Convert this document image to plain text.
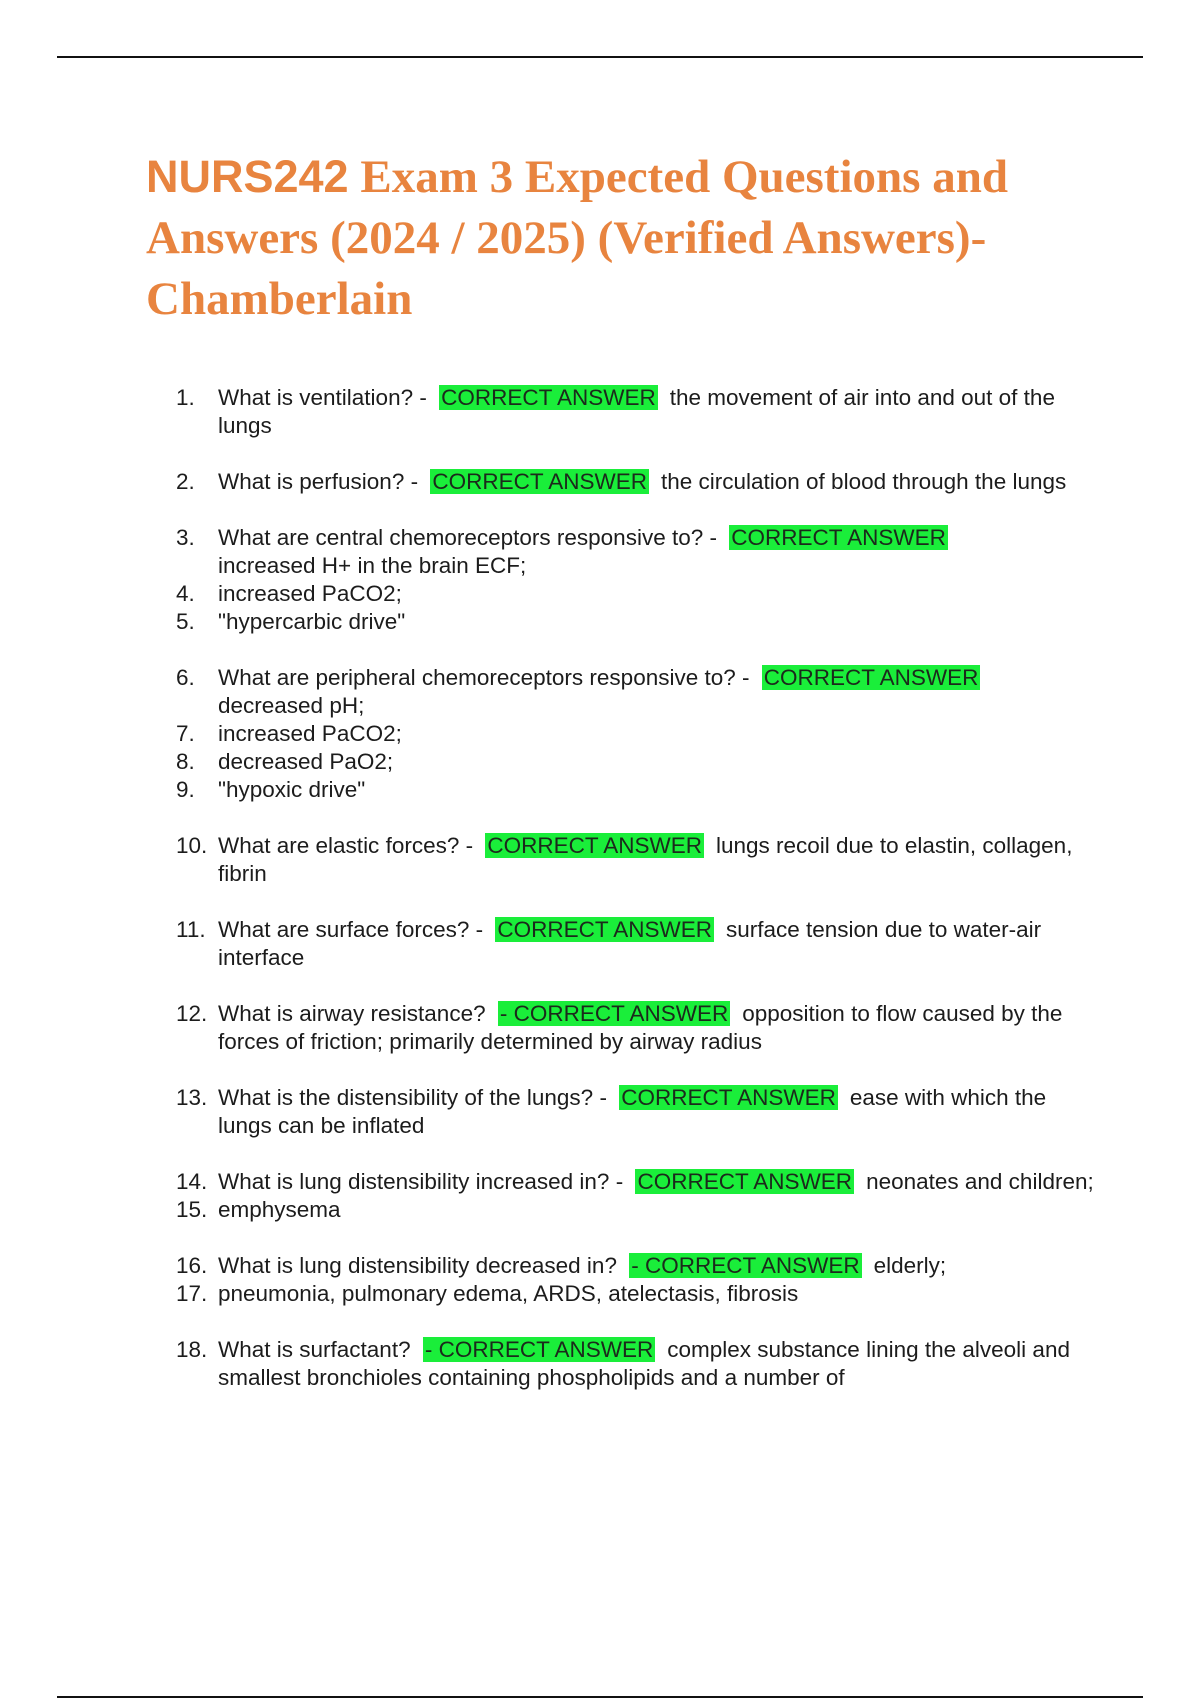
NURS242 Exam 3 Expected Questions and Answers (2024 / 2025) (Verified Answers)- Chamberlain
1. What is ventilation? - CORRECT ANSWER the movement of air into and out of the lungs
2. What is perfusion? - CORRECT ANSWER the circulation of blood through the lungs
3. What are central chemoreceptors responsive to? - CORRECT ANSWER
increased H+ in the brain ECF;
4. increased PaCO2;
5. "hypercarbic drive"
6. What are peripheral chemoreceptors responsive to? - CORRECT ANSWER
decreased pH;
7. increased PaCO2;
8. decreased PaO2;
9. "hypoxic drive"
10. What are elastic forces? - CORRECT ANSWER lungs recoil due to elastin, collagen, fibrin
11. What are surface forces? - CORRECT ANSWER surface tension due to water-air interface
12. What is airway resistance? - CORRECT ANSWER opposition to flow caused by the forces of friction; primarily determined by airway radius
13. What is the distensibility of the lungs? - CORRECT ANSWER ease with which the lungs can be inflated
14. What is lung distensibility increased in? - CORRECT ANSWER neonates and children;
15. emphysema
16. What is lung distensibility decreased in? - CORRECT ANSWER elderly;
17. pneumonia, pulmonary edema, ARDS, atelectasis, fibrosis
18. What is surfactant? - CORRECT ANSWER complex substance lining the alveoli and smallest bronchioles containing phospholipids and a number of
